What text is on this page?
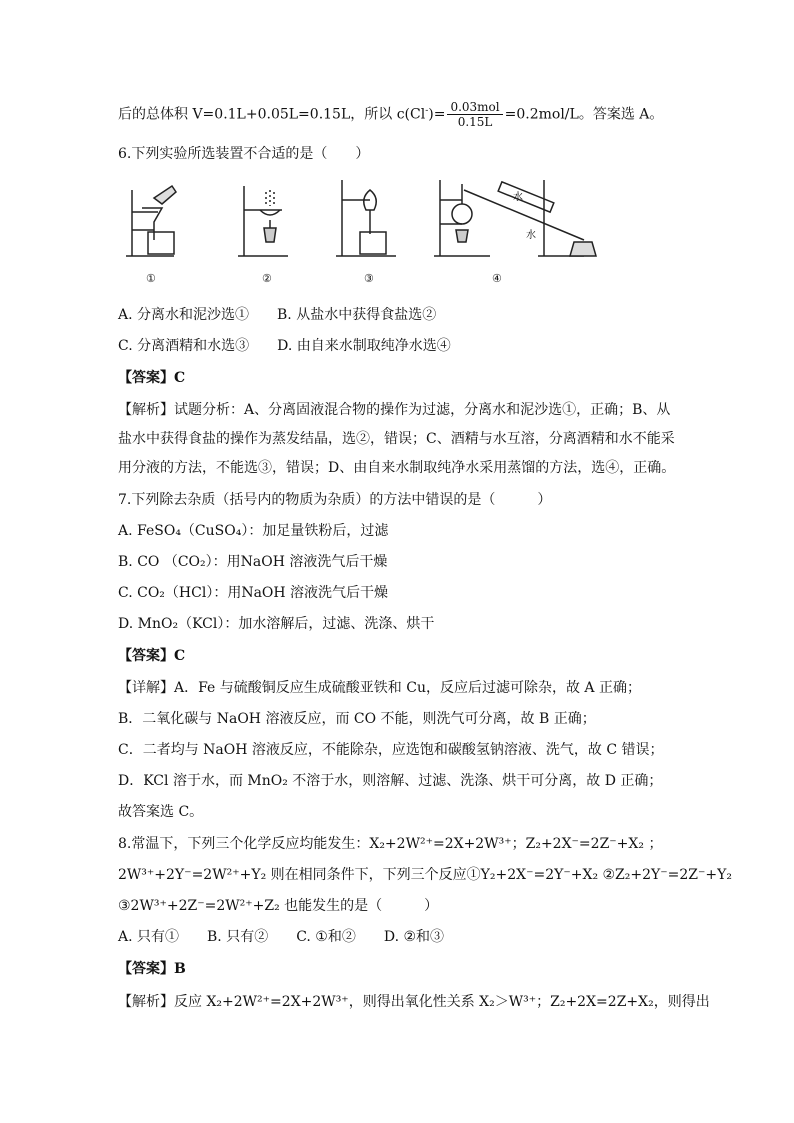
后的总体积 V=0.1L+0.05L=0.15L，所以 $c(Cl^-)= \frac{\text{0.03mol}}{0.15L} =0.2mol/L$。答案选 A。
6.下列实验所选装置不合适的是（　　）
水
水
①	②	③	④
A. 分离水和泥沙选①　　B. 从盐水中获得食盐选②
C. 分离酒精和水选③　　D. 由自来水制取纯净水选④
【答案】C
【解析】试题分析：A、分离固液混合物的操作为过滤，分离水和泥沙选①，正确；B、从
盐水中获得食盐的操作为蒸发结晶，选②，错误；C、酒精与水互溶，分离酒精和水不能采
用分液的方法，不能选③，错误；D、由自来水制取纯净水采用蒸馏的方法，选④，正确。
7.下列除去杂质（括号内的物质为杂质）的方法中错误的是（　　　）
A. FeSO₄（CuSO₄）：加足量铁粉后，过滤
B. CO （CO₂）：用NaOH 溶液洗气后干燥
C. CO₂（HCl）：用NaOH 溶液洗气后干燥
D. MnO₂（KCl）：加水溶解后，过滤、洗涤、烘干
【答案】C
【详解】A．Fe 与硫酸铜反应生成硫酸亚铁和 Cu，反应后过滤可除杂，故 A 正确；
B．二氧化碳与 NaOH 溶液反应，而 CO 不能，则洗气可分离，故 B 正确；
C．二者均与 NaOH 溶液反应，不能除杂，应选饱和碳酸氢钠溶液、洗气，故 C 错误；
D．KCl 溶于水，而 MnO₂ 不溶于水，则溶解、过滤、洗涤、烘干可分离，故 D 正确；
故答案选 C。
8.常温下，下列三个化学反应均能发生：X₂+2W²⁺=2X+2W³⁺；Z₂+2X⁻=2Z⁻+X₂ ；
2W³⁺+2Y⁻=2W²⁺+Y₂ 则在相同条件下，下列三个反应①Y₂+2X⁻=2Y⁻+X₂ ②Z₂+2Y⁻=2Z⁻+Y₂
③2W³⁺+2Z⁻=2W²⁺+Z₂ 也能发生的是（　　　）
A. 只有①　　B. 只有②　　C. ①和②　　D. ②和③
【答案】B
【解析】反应 X₂+2W²⁺=2X+2W³⁺，则得出氧化性关系 X₂＞W³⁺；Z₂+2X=2Z+X₂，则得出
